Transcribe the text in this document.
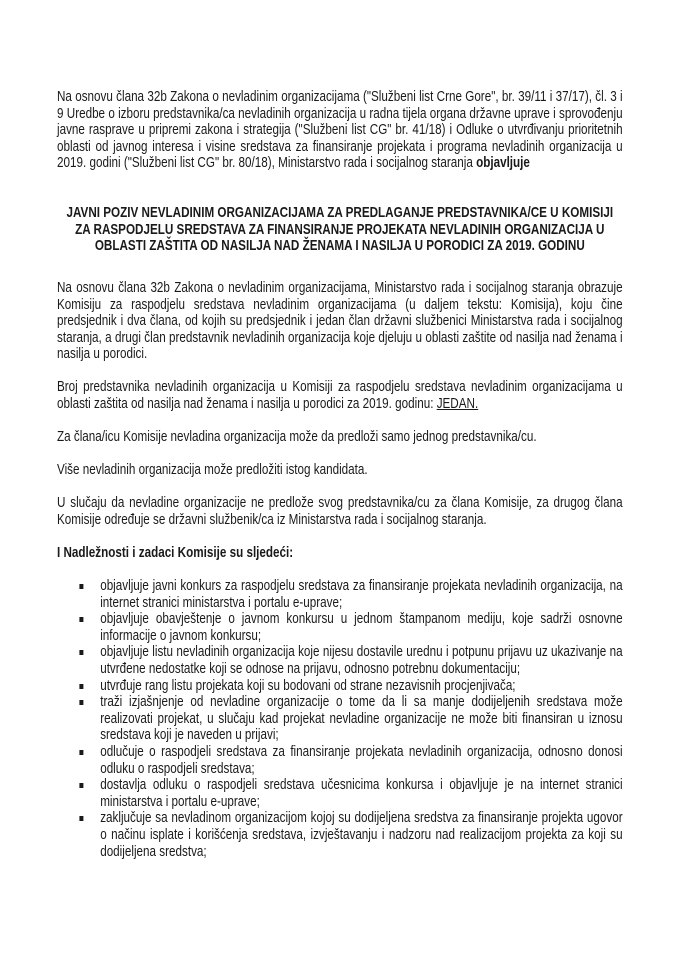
Na osnovu člana 32b Zakona o nevladinim organizacijama ("Službeni list Crne Gore", br. 39/11 i 37/17), čl. 3 i 9 Uredbe o izboru predstavnika/ca nevladinih organizacija u radna tijela organa državne uprave i sprovođenju javne rasprave u pripremi zakona i strategija ("Službeni list CG" br. 41/18) i Odluke o utvrđivanju prioritetnih oblasti od javnog interesa i visine sredstava za finansiranje projekata i programa nevladinih organizacija u 2019. godini ("Službeni list CG" br. 80/18), Ministarstvo rada i socijalnog staranja objavljuje

JAVNI POZIV NEVLADINIM ORGANIZACIJAMA ZA PREDLAGANJE PREDSTAVNIKA/CE U KOMISIJI
ZA RASPODJELU SREDSTAVA ZA FINANSIRANJE PROJEKATA NEVLADINIH ORGANIZACIJA U
OBLASTI ZAŠTITA OD NASILJA NAD ŽENAMA I NASILJA U PORODICI ZA 2019. GODINU

Na osnovu člana 32b Zakona o nevladinim organizacijama, Ministarstvo rada i socijalnog staranja obrazuje Komisiju za raspodjelu sredstava nevladinim organizacijama (u daljem tekstu: Komisija), koju čine predsjednik i dva člana, od kojih su predsjednik i jedan član državni službenici Ministarstva rada i socijalnog staranja, a drugi član predstavnik nevladinih organizacija koje djeluju u oblasti zaštite od nasilja nad ženama i nasilja u porodici.

Broj predstavnika nevladinih organizacija u Komisiji za raspodjelu sredstava nevladinim organizacijama u oblasti zaštita od nasilja nad ženama i nasilja u porodici za 2019. godinu: JEDAN.

Za člana/icu Komisije nevladina organizacija može da predloži samo jednog predstavnika/cu.

Više nevladinih organizacija može predložiti istog kandidata.

U slučaju da nevladine organizacije ne predlože svog predstavnika/cu za člana Komisije, za drugog člana Komisije određuje se državni službenik/ca iz Ministarstva rada i socijalnog staranja.

I Nadležnosti i zadaci Komisije su sljedeći:

objavljuje javni konkurs za raspodjelu sredstava za finansiranje projekata nevladinih organizacija, na internet stranici ministarstva i portalu e-uprave;
objavljuje obavještenje o javnom konkursu u jednom štampanom mediju, koje sadrži osnovne informacije o javnom konkursu;
objavljuje listu nevladinih organizacija koje nijesu dostavile urednu i potpunu prijavu uz ukazivanje na utvrđene nedostatke koji se odnose na prijavu, odnosno potrebnu dokumentaciju;
utvrđuje rang listu projekata koji su bodovani od strane nezavisnih procjenjivača;
traži izjašnjenje od nevladine organizacije o tome da li sa manje dodijeljenih sredstava može realizovati projekat, u slučaju kad projekat nevladine organizacije ne može biti finansiran u iznosu sredstava koji je naveden u prijavi;
odlučuje o raspodjeli sredstava za finansiranje projekata nevladinih organizacija, odnosno donosi odluku o raspodjeli sredstava;
dostavlja odluku o raspodjeli sredstava učesnicima konkursa i objavljuje je na internet stranici ministarstva i portalu e-uprave;
zaključuje sa nevladinom organizacijom kojoj su dodijeljena sredstva za finansiranje projekta ugovor o načinu isplate i korišćenja sredstava, izvještavanju i nadzoru nad realizacijom projekta za koji su dodijeljena sredstva;
